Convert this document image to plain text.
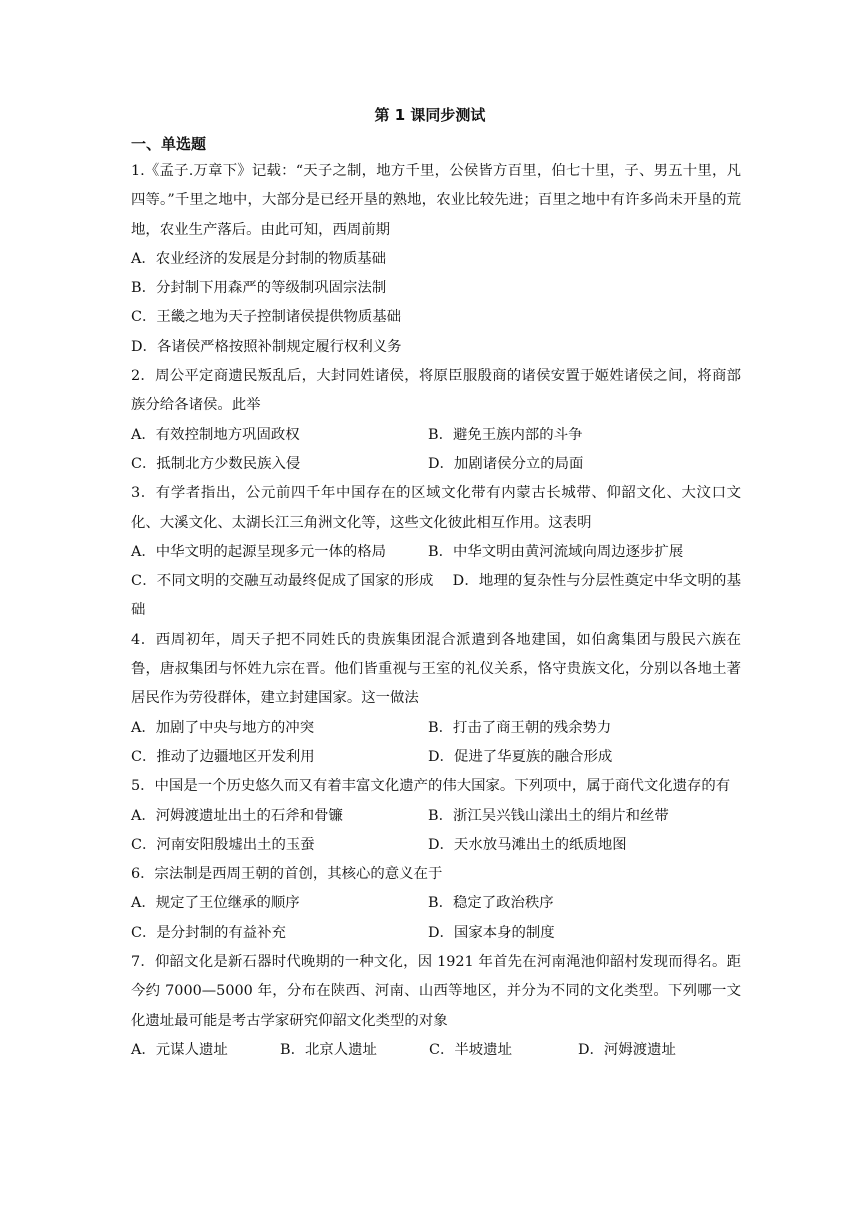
第 1 课同步测试
一、单选题

1.《孟子.万章下》记载：“天子之制，地方千里，公侯皆方百里，伯七十里，子、男五十里，凡四等。”千里之地中，大部分是已经开垦的熟地，农业比较先进；百里之地中有许多尚未开垦的荒地，农业生产落后。由此可知，西周前期

A．农业经济的发展是分封制的物质基础
B．分封制下用森严的等级制巩固宗法制
C．王畿之地为天子控制诸侯提供物质基础
D．各诸侯严格按照补制规定履行权利义务

2．周公平定商遗民叛乱后，大封同姓诸侯，将原臣服殷商的诸侯安置于姬姓诸侯之间，将商部族分给各诸侯。此举

A．有效控制地方巩固政权	B．避免王族内部的斗争
C．抵制北方少数民族入侵	D．加剧诸侯分立的局面

3．有学者指出，公元前四千年中国存在的区域文化带有内蒙古长城带、仰韶文化、大汶口文化、大溪文化、太湖长江三角洲文化等，这些文化彼此相互作用。这表明

A．中华文明的起源呈现多元一体的格局	B．中华文明由黄河流域向周边逐步扩展

C．不同文明的交融互动最终促成了国家的形成 D．地理的复杂性与分层性奠定中华文明的基础

4．西周初年，周天子把不同姓氏的贵族集团混合派遣到各地建国，如伯禽集团与殷民六族在鲁，唐叔集团与怀姓九宗在晋。他们皆重视与王室的礼仪关系，恪守贵族文化，分别以各地土著居民作为劳役群体，建立封建国家。这一做法

A．加剧了中央与地方的冲突	B．打击了商王朝的残余势力
C．推动了边疆地区开发利用	D．促进了华夏族的融合形成

5．中国是一个历史悠久而又有着丰富文化遗产的伟大国家。下列项中，属于商代文化遗存的有

A．河姆渡遗址出土的石斧和骨镰	B．浙江吴兴钱山漾出土的绢片和丝带
C．河南安阳殷墟出土的玉蚕	D．天水放马滩出土的纸质地图

6．宗法制是西周王朝的首创，其核心的意义在于

A．规定了王位继承的顺序	B．稳定了政治秩序
C．是分封制的有益补充	D．国家本身的制度

7．仰韶文化是新石器时代晚期的一种文化，因 1921 年首先在河南渑池仰韶村发现而得名。距今约 7000—5000 年，分布在陕西、河南、山西等地区，并分为不同的文化类型。下列哪一文化遗址最可能是考古学家研究仰韶文化类型的对象

A．元谋人遗址	B．北京人遗址	C．半坡遗址	D．河姆渡遗址
